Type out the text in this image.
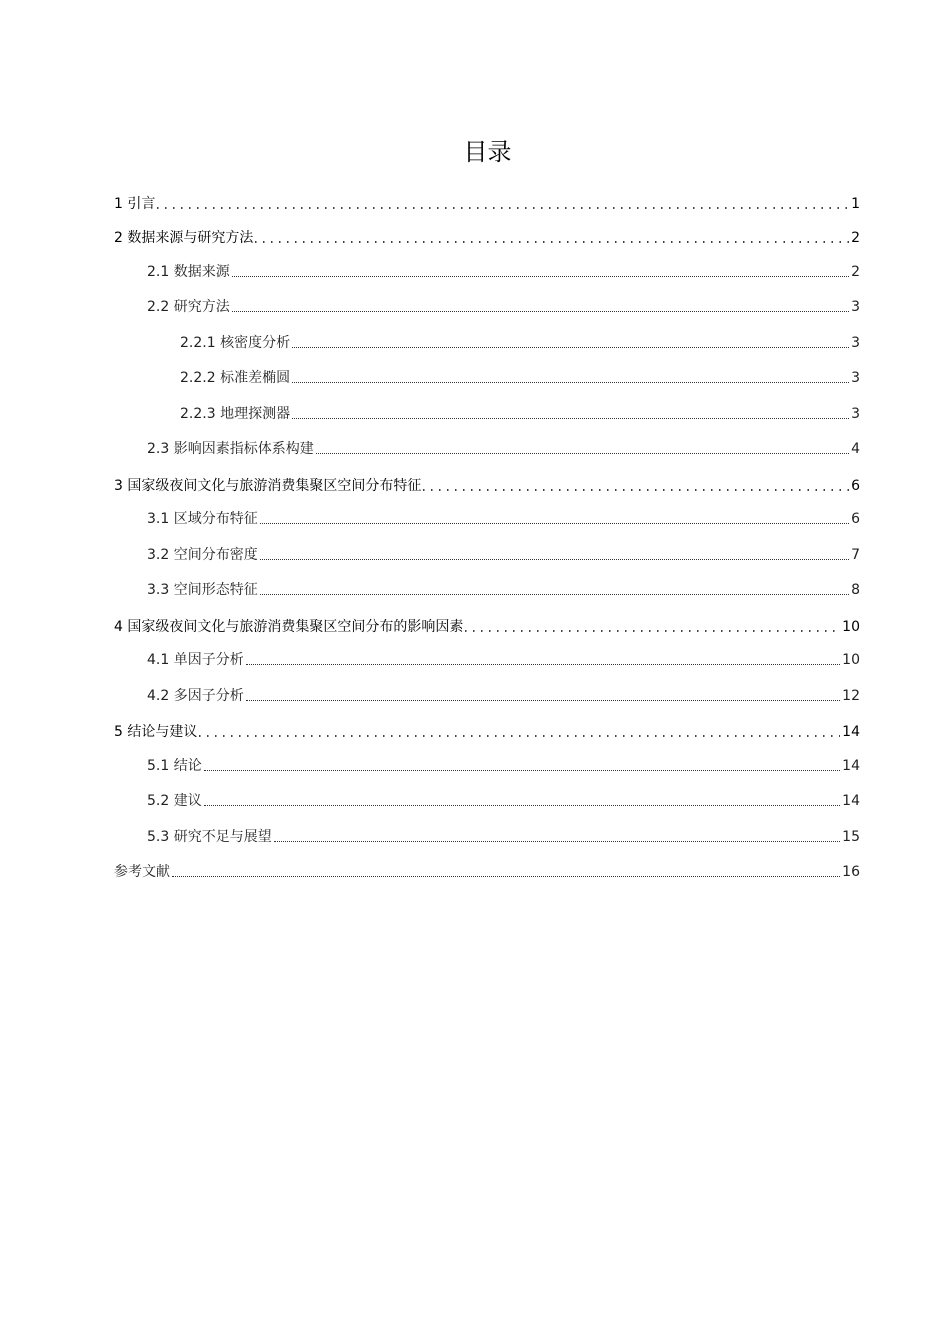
目录
1 引言	1
2 数据来源与研究方法	2
2.1 数据来源	2
2.2 研究方法	3
2.2.1 核密度分析	3
2.2.2 标准差椭圆	3
2.2.3 地理探测器	3
2.3 影响因素指标体系构建	4
3 国家级夜间文化与旅游消费集聚区空间分布特征	6
3.1 区域分布特征	6
3.2 空间分布密度	7
3.3 空间形态特征	8
4 国家级夜间文化与旅游消费集聚区空间分布的影响因素	10
4.1 单因子分析	10
4.2 多因子分析	12
5 结论与建议	14
5.1 结论	14
5.2 建议	14
5.3 研究不足与展望	15
参考文献	16
